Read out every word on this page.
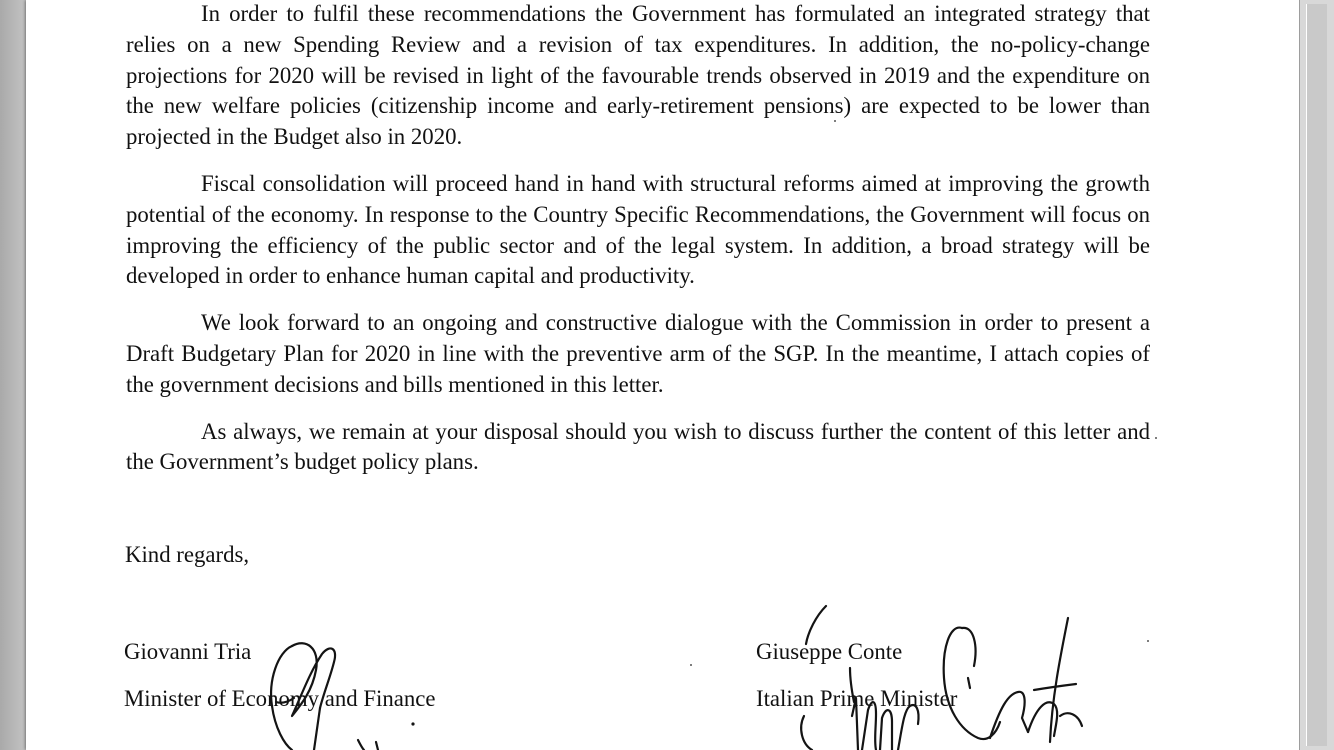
In order to fulfil these recommendations the Government has formulated an integrated strategy that relies on a new Spending Review and a revision of tax expenditures. In addition, the no-policy-change projections for 2020 will be revised in light of the favourable trends observed in 2019 and the expenditure on the new welfare policies (citizenship income and early-retirement pensions) are expected to be lower than projected in the Budget also in 2020.

Fiscal consolidation will proceed hand in hand with structural reforms aimed at improving the growth potential of the economy. In response to the Country Specific Recommendations, the Government will focus on improving the efficiency of the public sector and of the legal system. In addition, a broad strategy will be developed in order to enhance human capital and productivity.

We look forward to an ongoing and constructive dialogue with the Commission in order to present a Draft Budgetary Plan for 2020 in line with the preventive arm of the SGP. In the meantime, I attach copies of the government decisions and bills mentioned in this letter.

As always, we remain at your disposal should you wish to discuss further the content of this letter and the Government’s budget policy plans.

Kind regards,

Giovanni Tria

Minister of Economy and Finance

Giuseppe Conte

Italian Prime Minister
